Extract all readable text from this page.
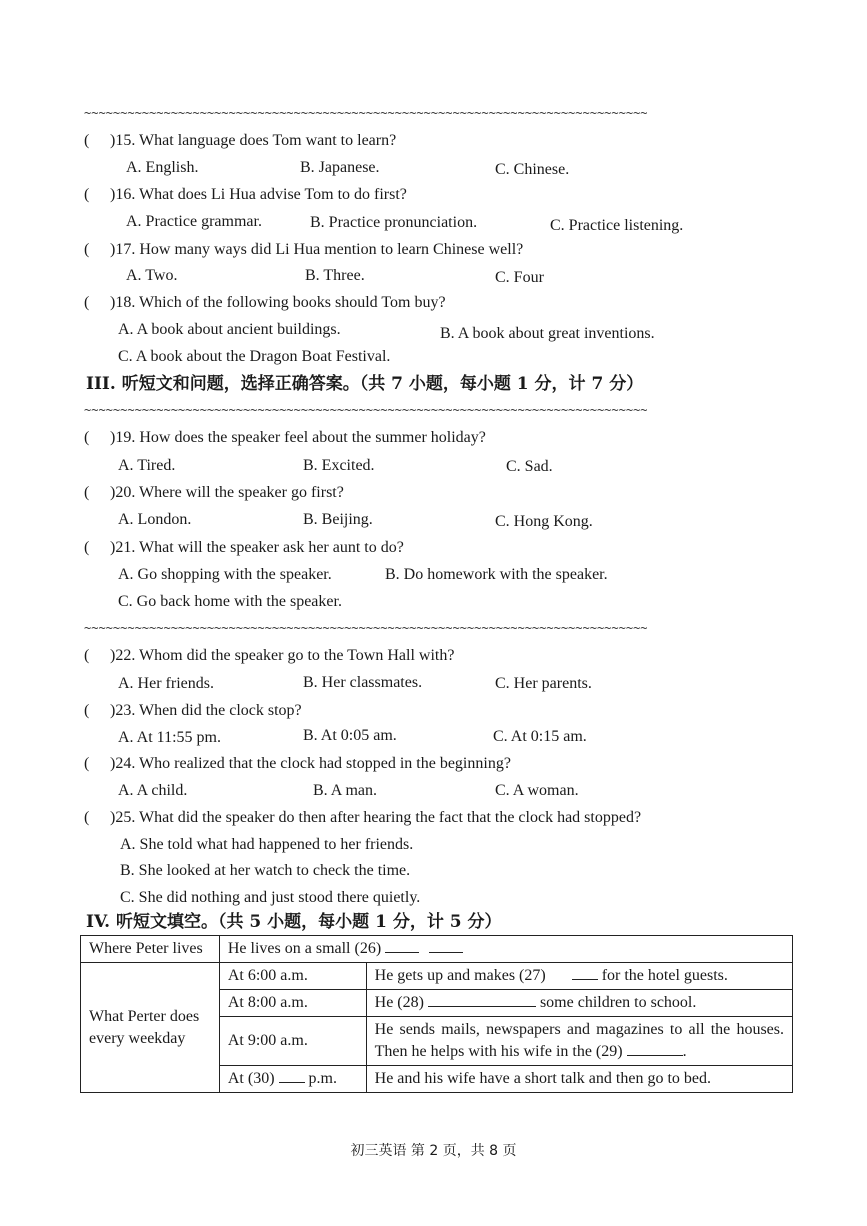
~~~~~~~~~~~~~~~~~~~~~~~~~~~~~~~~~~~~~~~~~~~~~~~~~~~~~~~~~~~~~~~~~~~~~~~~~~~~~~
( )15. What language does Tom want to learn?
A. English.	B. Japanese.	C. Chinese.
( )16. What does Li Hua advise Tom to do first?
A. Practice grammar.	B. Practice pronunciation.	C. Practice listening.
( )17. How many ways did Li Hua mention to learn Chinese well?
A. Two.	B. Three.	C. Four
( )18. Which of the following books should Tom buy?
A. A book about ancient buildings.	B. A book about great inventions.
C. A book about the Dragon Boat Festival.
III. 听短文和问题，选择正确答案。（共 7 小题，每小题 1 分，计 7 分）
~~~~~~~~~~~~~~~~~~~~~~~~~~~~~~~~~~~~~~~~~~~~~~~~~~~~~~~~~~~~~~~~~~~~~~~~~~~~~~
( )19. How does the speaker feel about the summer holiday?
A. Tired.	B. Excited.	C. Sad.
( )20. Where will the speaker go first?
A. London.	B. Beijing.	C. Hong Kong.
( )21. What will the speaker ask her aunt to do?
A. Go shopping with the speaker.	B. Do homework with the speaker.
C. Go back home with the speaker.
~~~~~~~~~~~~~~~~~~~~~~~~~~~~~~~~~~~~~~~~~~~~~~~~~~~~~~~~~~~~~~~~~~~~~~~~~~~~~~
( )22. Whom did the speaker go to the Town Hall with?
A. Her friends.	B. Her classmates.	C. Her parents.
( )23. When did the clock stop?
A. At 11:55 pm.	B. At 0:05 am.	C. At 0:15 am.
( )24. Who realized that the clock had stopped in the beginning?
A. A child.	B. A man.	C. A woman.
( )25. What did the speaker do then after hearing the fact that the clock had stopped?
A. She told what had happened to her friends.
B. She looked at her watch to check the time.
C. She did nothing and just stood there quietly.
IV. 听短文填空。（共 5 小题，每小题 1 分，计 5 分）
Where Peter lives	He lives on a small (26)	

What Perter does
every weekday	At 6:00 a.m.	He gets up and makes (27) for the hotel guests.
	At 8:00 a.m.	He (28) some children to school.
	At 9:00 a.m.	He sends mails, newspapers and magazines to all the houses. Then he helps with his wife in the (29) .
	At (30) p.m.	He and his wife have a short talk and then go to bed.
初三英语 第 2 页，共 8 页
